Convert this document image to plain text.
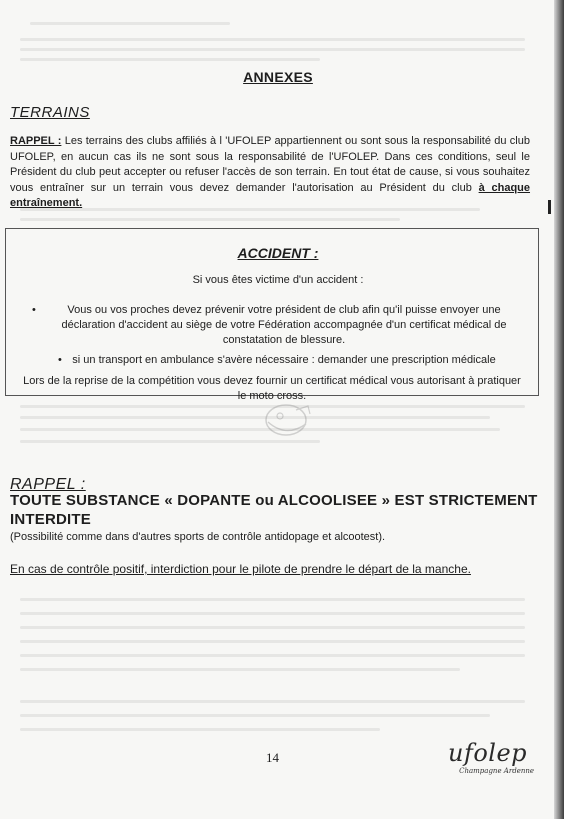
ANNEXES
TERRAINS
RAPPEL : Les terrains des clubs affiliés à l 'UFOLEP appartiennent ou sont sous la responsabilité du club UFOLEP, en aucun cas ils ne sont sous la responsabilité de l'UFOLEP. Dans ces conditions, seul le Président du club peut accepter ou refuser l'accès de son terrain. En tout état de cause, si vous souhaitez vous entraîner sur un terrain vous devez demander l'autorisation au Président du club à chaque entraînement.
ACCIDENT :
Si vous êtes victime d'un accident :
• Vous ou vos proches devez prévenir votre président de club afin qu'il puisse envoyer une déclaration d'accident au siège de votre Fédération accompagnée d'un certificat médical de constatation de blessure.
• si un transport en ambulance s'avère nécessaire : demander une prescription médicale
Lors de la reprise de la compétition vous devez fournir un certificat médical vous autorisant à pratiquer le moto cross.
RAPPEL :
TOUTE SUBSTANCE « DOPANTE ou ALCOOLISEE » EST STRICTEMENT INTERDITE
(Possibilité comme dans d'autres sports de contrôle antidopage et alcootest).
En cas de contrôle positif, interdiction pour le pilote de prendre le départ de la manche.
14	ufolep
Champagne Ardenne
